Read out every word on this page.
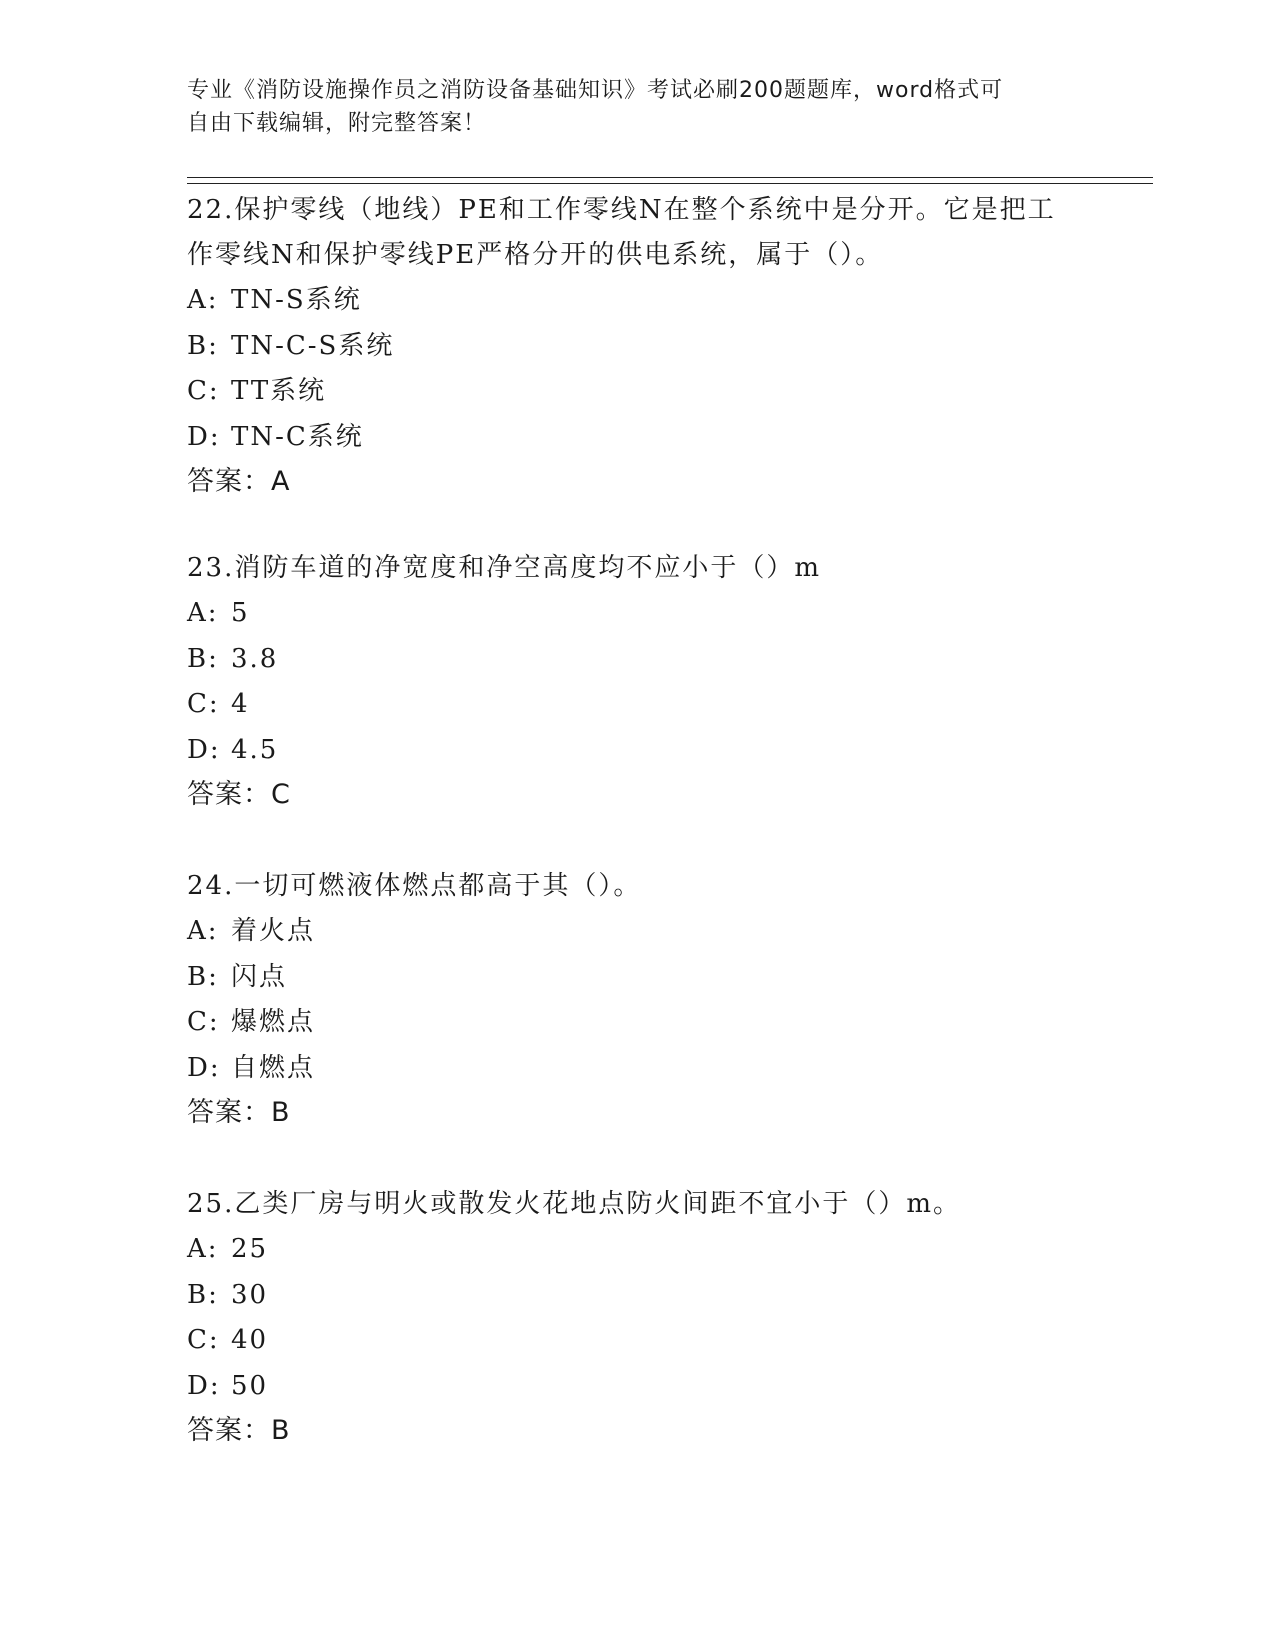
专业《消防设施操作员之消防设备基础知识》考试必刷200题题库，word格式可
自由下载编辑，附完整答案！

22.保护零线（地线）PE和工作零线N在整个系统中是分开。它是把工

作零线N和保护零线PE严格分开的供电系统，属于（）。

A: TN-S系统

B: TN-C-S系统

C: TT系统

D: TN-C系统

答案：A

23.消防车道的净宽度和净空高度均不应小于（）m

A: 5

B: 3.8

C: 4

D: 4.5

答案：C

24.一切可燃液体燃点都高于其（）。

A: 着火点

B: 闪点

C: 爆燃点

D: 自燃点

答案：B

25.乙类厂房与明火或散发火花地点防火间距不宜小于（）m。

A: 25

B: 30

C: 40

D: 50

答案：B
